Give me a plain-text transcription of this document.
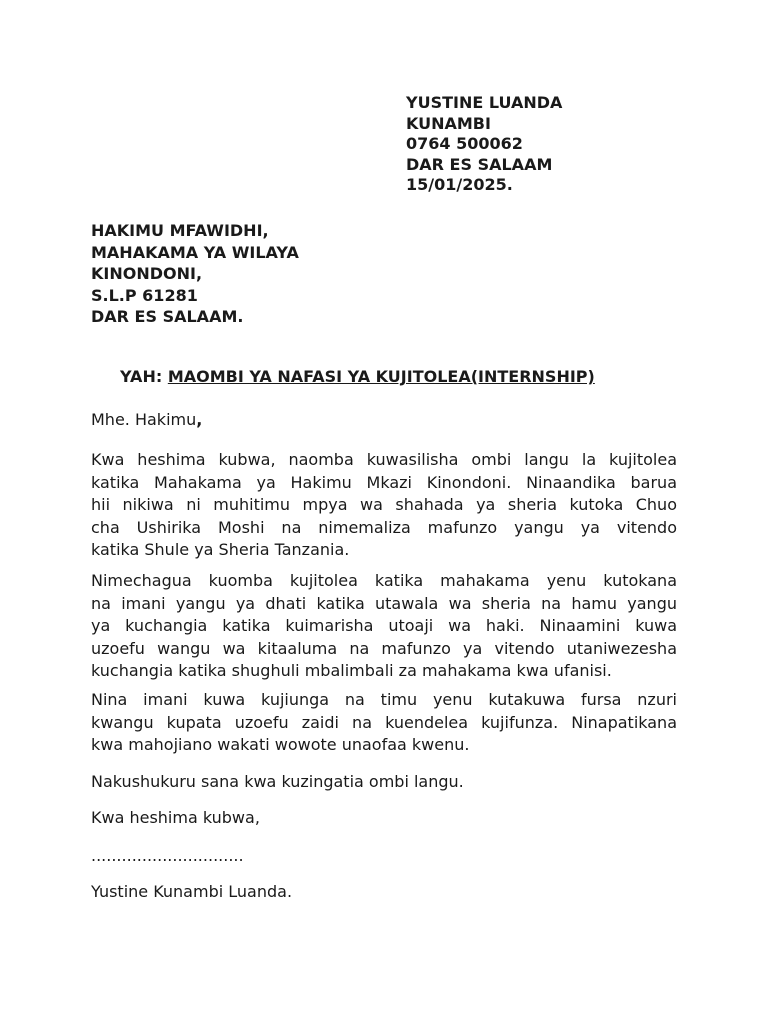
YUSTINE LUANDA
KUNAMBI
0764 500062
DAR ES SALAAM
15/01/2025.
HAKIMU MFAWIDHI,
MAHAKAMA YA WILAYA
KINONDONI,
S.L.P 61281
DAR ES SALAAM.
YAH: MAOMBI YA NAFASI YA KUJITOLEA(INTERNSHIP)
Mhe. Hakimu,
Kwa heshima kubwa, naomba kuwasilisha ombi langu la kujitolea
katika Mahakama ya Hakimu Mkazi Kinondoni. Ninaandika barua
hii nikiwa ni muhitimu mpya wa shahada ya sheria kutoka Chuo
cha Ushirika Moshi na nimemaliza mafunzo yangu ya vitendo
katika Shule ya Sheria Tanzania.
Nimechagua kuomba kujitolea katika mahakama yenu kutokana
na imani yangu ya dhati katika utawala wa sheria na hamu yangu
ya kuchangia katika kuimarisha utoaji wa haki. Ninaamini kuwa
uzoefu wangu wa kitaaluma na mafunzo ya vitendo utaniwezesha
kuchangia katika shughuli mbalimbali za mahakama kwa ufanisi.
Nina imani kuwa kujiunga na timu yenu kutakuwa fursa nzuri
kwangu kupata uzoefu zaidi na kuendelea kujifunza. Ninapatikana
kwa mahojiano wakati wowote unaofaa kwenu.
Nakushukuru sana kwa kuzingatia ombi langu.
Kwa heshima kubwa,
..............................
Yustine Kunambi Luanda.
